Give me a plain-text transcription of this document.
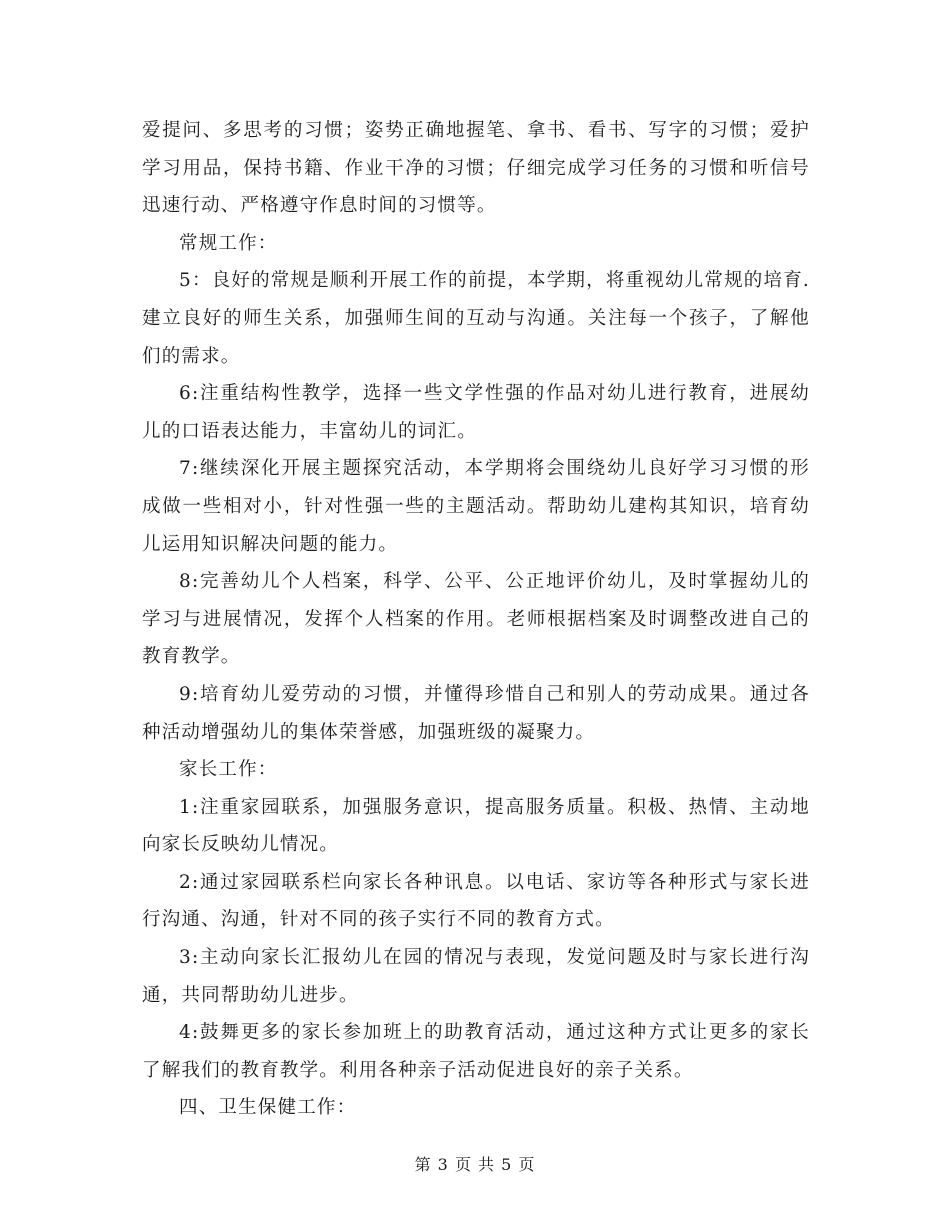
爱提问、多思考的习惯；姿势正确地握笔、拿书、看书、写字的习惯；爱护学习用品，保持书籍、作业干净的习惯；仔细完成学习任务的习惯和听信号迅速行动、严格遵守作息时间的习惯等。

常规工作：

5：良好的常规是顺利开展工作的前提，本学期，将重视幼儿常规的培育.建立良好的师生关系，加强师生间的互动与沟通。关注每一个孩子，了解他们的需求。

6:注重结构性教学，选择一些文学性强的作品对幼儿进行教育，进展幼儿的口语表达能力，丰富幼儿的词汇。

7:继续深化开展主题探究活动，本学期将会围绕幼儿良好学习习惯的形成做一些相对小，针对性强一些的主题活动。帮助幼儿建构其知识，培育幼儿运用知识解决问题的能力。

8:完善幼儿个人档案，科学、公平、公正地评价幼儿，及时掌握幼儿的学习与进展情况，发挥个人档案的作用。老师根据档案及时调整改进自己的教育教学。

9:培育幼儿爱劳动的习惯，并懂得珍惜自己和别人的劳动成果。通过各种活动增强幼儿的集体荣誉感，加强班级的凝聚力。

家长工作：

1:注重家园联系，加强服务意识，提高服务质量。积极、热情、主动地向家长反映幼儿情况。

2:通过家园联系栏向家长各种讯息。以电话、家访等各种形式与家长进行沟通、沟通，针对不同的孩子实行不同的教育方式。

3:主动向家长汇报幼儿在园的情况与表现，发觉问题及时与家长进行沟通，共同帮助幼儿进步。

4:鼓舞更多的家长参加班上的助教育活动，通过这种方式让更多的家长了解我们的教育教学。利用各种亲子活动促进良好的亲子关系。

四、卫生保健工作：

第 3 页 共 5 页
